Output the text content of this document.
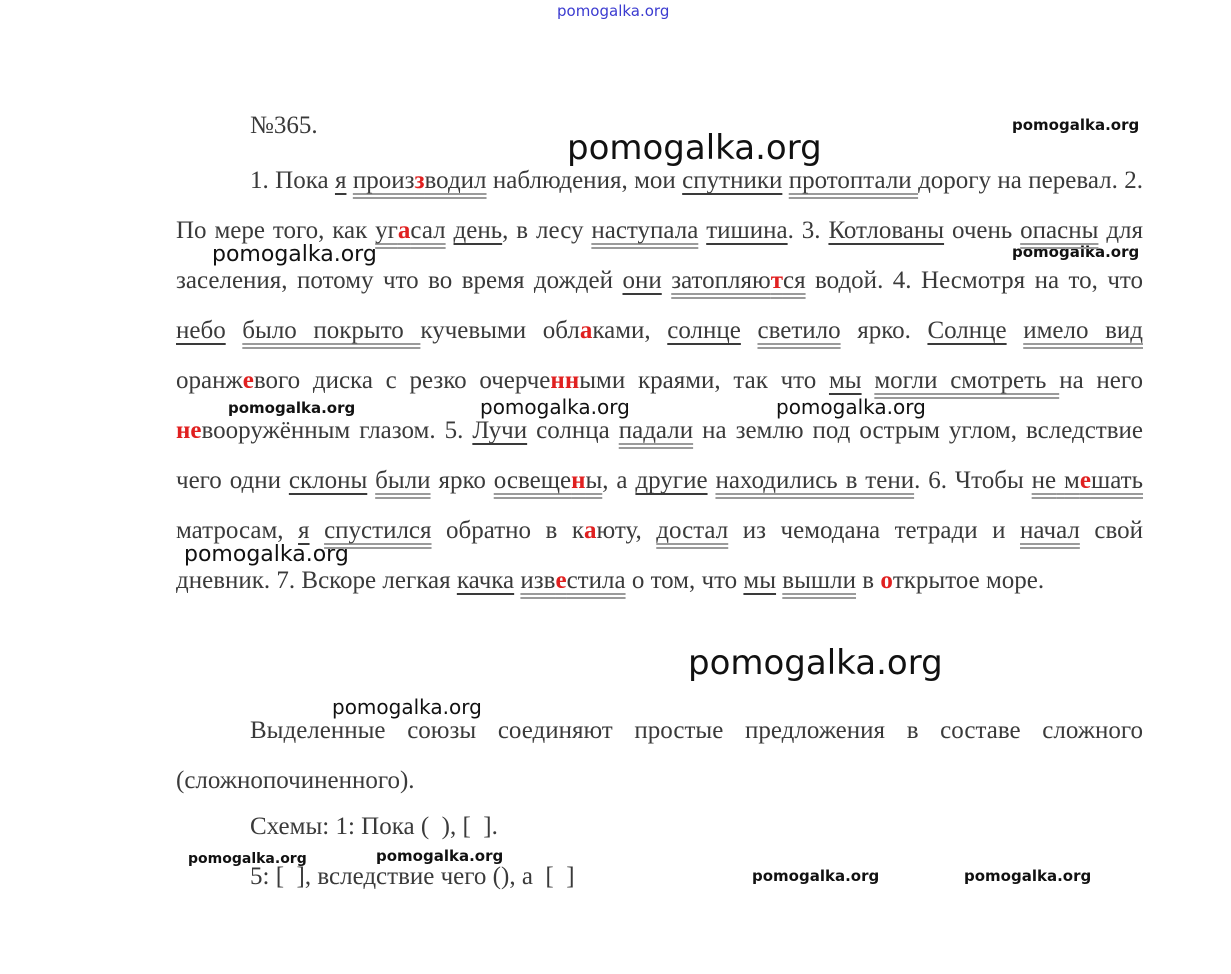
pomogalka.org
pomogalka.org
pomogalka.org
pomogalka.org	pomogalka.org
pomogalka.org	pomogalka.org	pomogalka.org
pomogalka.org
pomogalka.org
pomogalka.org
pomogalka.org	pomogalka.org
pomogalka.org	pomogalka.org
№365.
1. Пока я произзводил наблюдения, мои спутники протоптали дорогу на перевал. 2. По мере того, как угасал день, в лесу наступала тишина. 3. Котлованы очень опасны для заселения, потому что во время дождей они затопляются водой. 4. Несмотря на то, что небо было покрыто кучевыми облаками, солнце светило ярко. Солнце имело вид оранжевого диска с резко очерченными краями, так что мы могли смотреть на него невооружённым глазом. 5. Лучи солнца падали на землю под острым углом, вследствие чего одни склоны были ярко освещены, а другие находились в тени. 6. Чтобы не мешать матросам, я спустился обратно в каюту, достал из чемодана тетради и начал свой дневник. 7. Вскоре легкая качка известила о том, что мы вышли в открытое море.
Выделенные союзы соединяют простые предложения в составе сложного (сложнопочиненного).
Схемы: 1: Пока (  ), [  ].
5: [  ], вследствие чего (), а  [  ]
